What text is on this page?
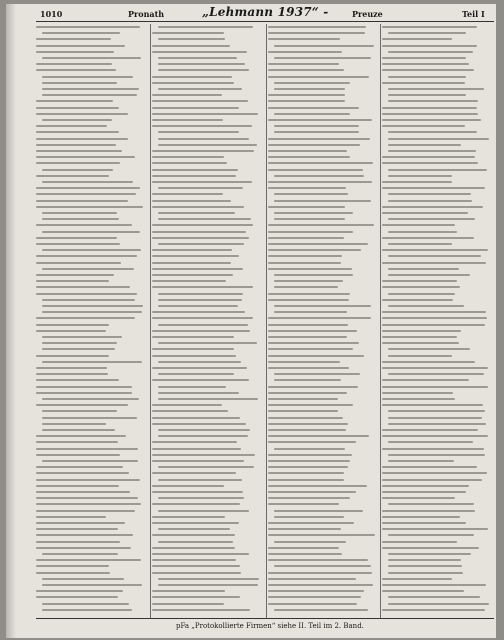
1010	Pronath	„Lehmann 1937“ -	Preuze	Teil I
pFa „Protokollierte Firmen“ siehe II. Teil im 2. Band.
